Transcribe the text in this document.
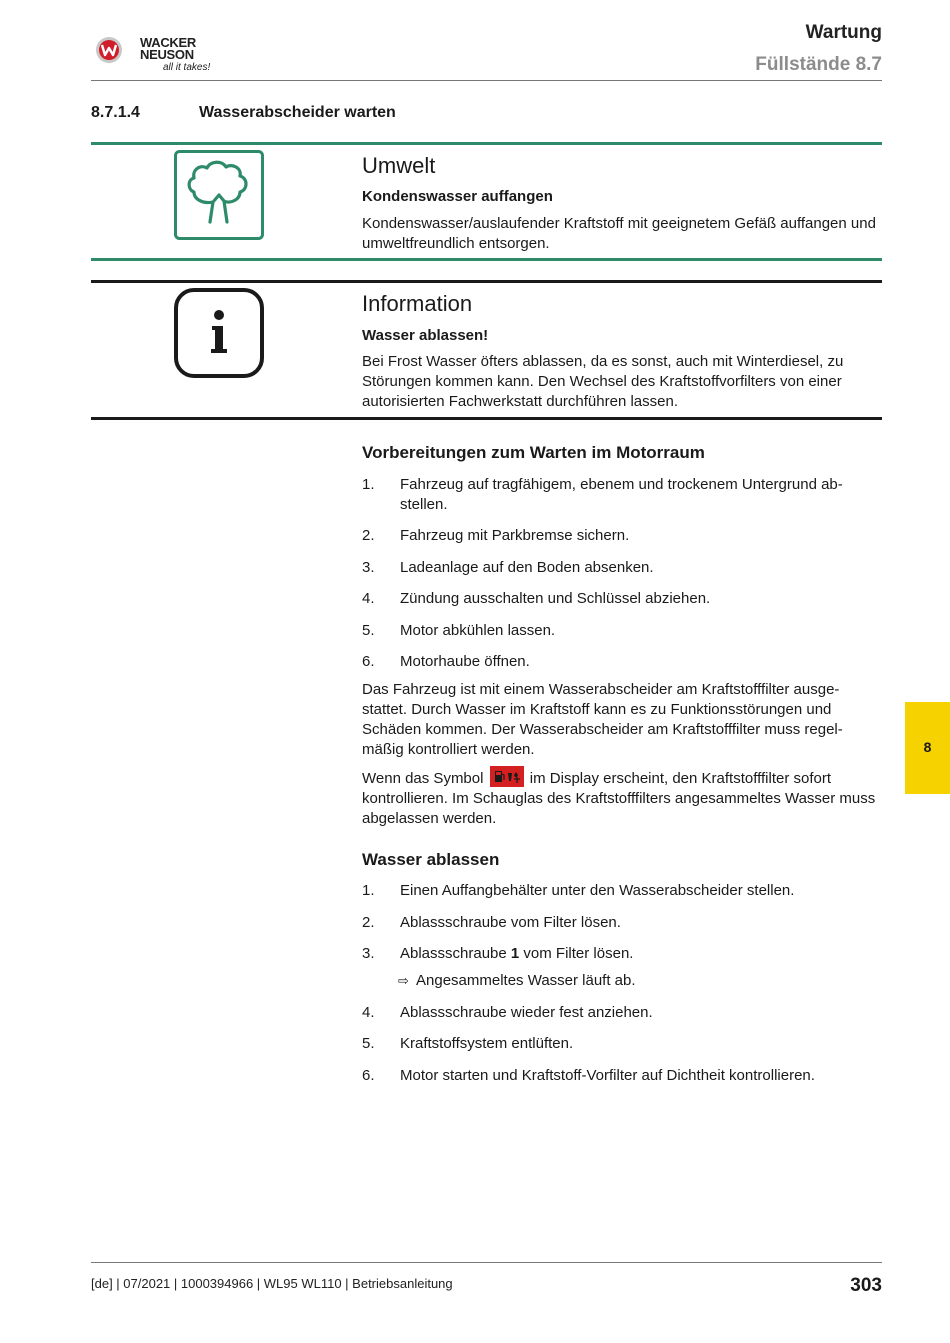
WACKER
NEUSON
all it takes!
Wartung
Füllstände 8.7
8.7.1.4	Wasserabscheider warten
Umwelt
Kondenswasser auffangen
Kondenswasser/auslaufender Kraftstoff mit geeignetem Gefäß auffangen und umweltfreundlich entsorgen.
Information
Wasser ablassen!
Bei Frost Wasser öfters ablassen, da es sonst, auch mit Winterdiesel, zu Störungen kommen kann. Den Wechsel des Kraftstoffvorfilters von einer autorisierten Fachwerkstatt durchführen lassen.
Vorbereitungen zum Warten im Motorraum
1. Fahrzeug auf tragfähigem, ebenem und trockenem Untergrund ab-stellen.
2. Fahrzeug mit Parkbremse sichern.
3. Ladeanlage auf den Boden absenken.
4. Zündung ausschalten und Schlüssel abziehen.
5. Motor abkühlen lassen.
6. Motorhaube öffnen.
Das Fahrzeug ist mit einem Wasserabscheider am Kraftstofffilter ausge-stattet. Durch Wasser im Kraftstoff kann es zu Funktionsstörungen und Schäden kommen. Der Wasserabscheider am Kraftstofffilter muss regel-mäßig kontrolliert werden.
Wenn das Symbol	im Display erscheint, den Kraftstofffilter sofort kontrollieren. Im Schauglas des Kraftstofffilters angesammeltes Wasser muss abgelassen werden.
Wasser ablassen
1. Einen Auffangbehälter unter den Wasserabscheider stellen.
2. Ablassschraube vom Filter lösen.
3. Ablassschraube 1 vom Filter lösen.
4. Ablassschraube wieder fest anziehen.
5. Kraftstoffsystem entlüften.
6. Motor starten und Kraftstoff-Vorfilter auf Dichtheit kontrollieren.
⇨ Angesammeltes Wasser läuft ab.
8
[de] | 07/2021 | 1000394966 | WL95 WL110 | Betriebsanleitung	303
